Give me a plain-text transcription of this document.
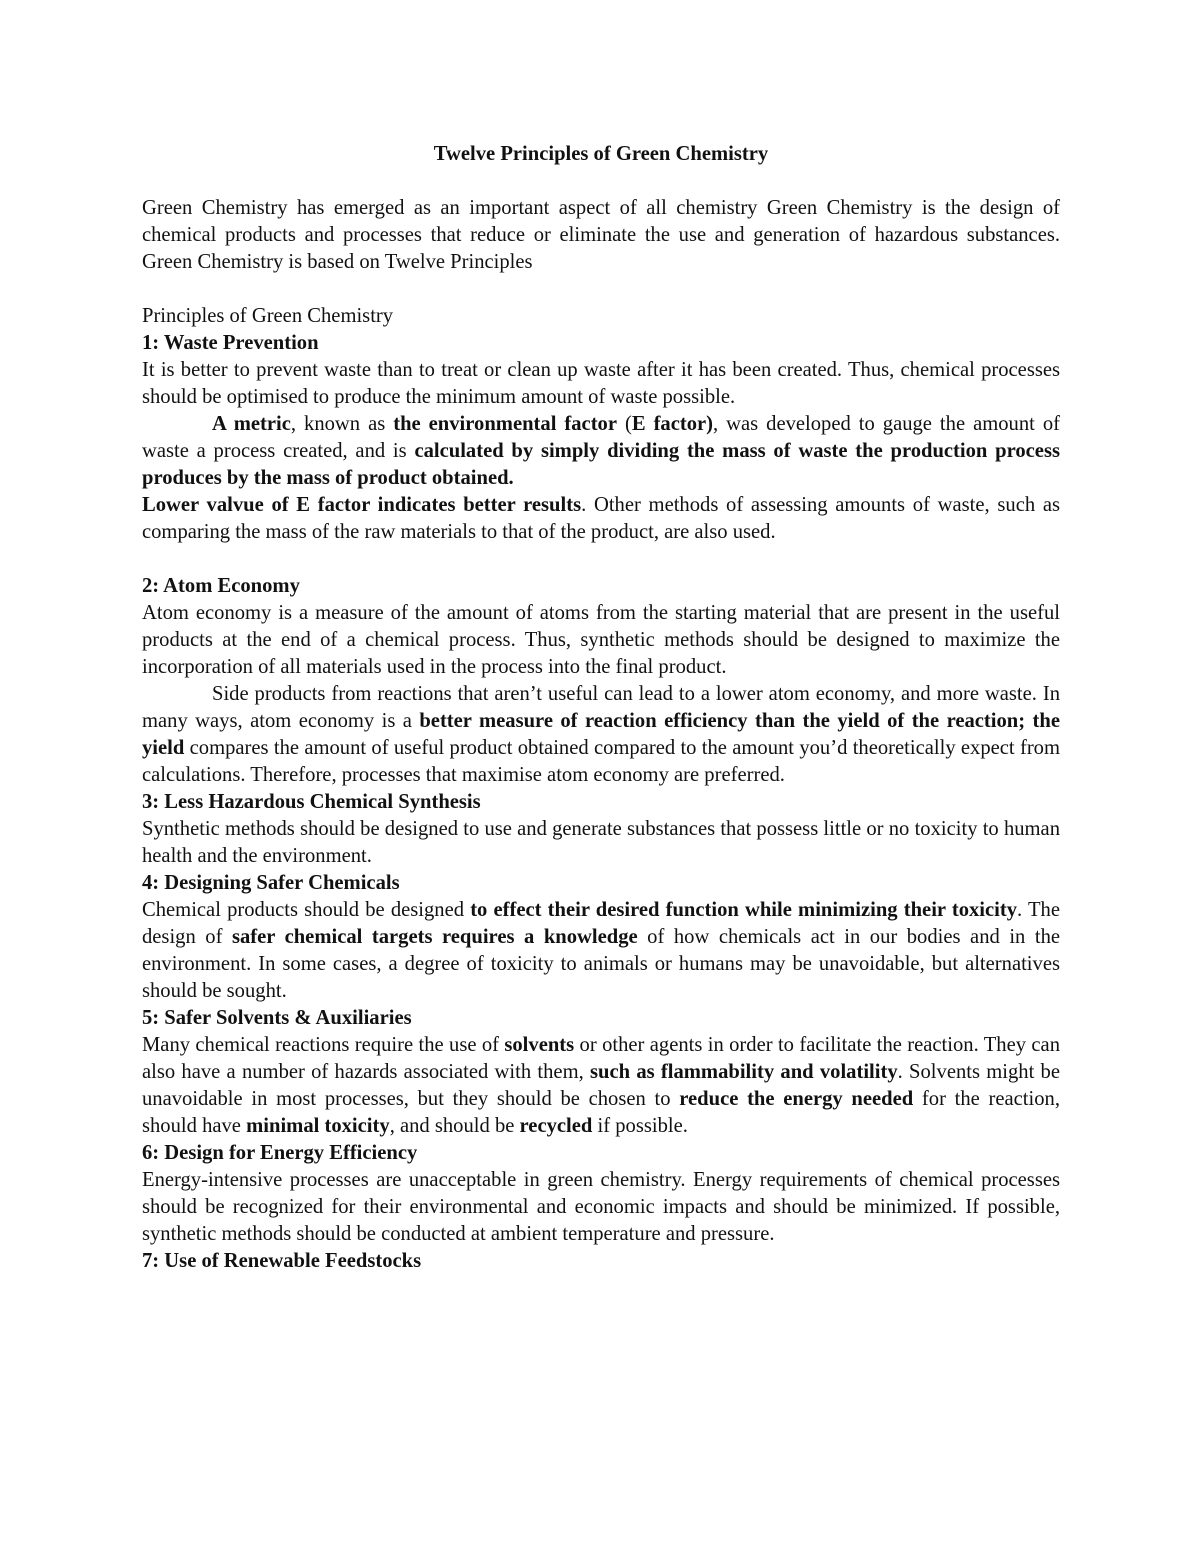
Twelve Principles of Green Chemistry

Green Chemistry has emerged as an important aspect of all chemistry Green Chemistry is the design of chemical products and processes that reduce or eliminate the use and generation of hazardous substances. Green Chemistry is based on Twelve Principles

Principles of Green Chemistry

1: Waste Prevention

It is better to prevent waste than to treat or clean up waste after it has been created. Thus, chemical processes should be optimised to produce the minimum amount of waste possible.

A metric, known as the environmental factor (E factor), was developed to gauge the amount of waste a process created, and is calculated by simply dividing the mass of waste the production process produces by the mass of product obtained.

Lower valvue of E factor indicates better results. Other methods of assessing amounts of waste, such as comparing the mass of the raw materials to that of the product, are also used.

2: Atom Economy

Atom economy is a measure of the amount of atoms from the starting material that are present in the useful products at the end of a chemical process. Thus, synthetic methods should be designed to maximize the incorporation of all materials used in the process into the final product.

Side products from reactions that aren’t useful can lead to a lower atom economy, and more waste. In many ways, atom economy is a better measure of reaction efficiency than the yield of the reaction; the yield compares the amount of useful product obtained compared to the amount you’d theoretically expect from calculations. Therefore, processes that maximise atom economy are preferred.

3: Less Hazardous Chemical Synthesis

Synthetic methods should be designed to use and generate substances that possess little or no toxicity to human health and the environment.

4: Designing Safer Chemicals

Chemical products should be designed to effect their desired function while minimizing their toxicity. The design of safer chemical targets requires a knowledge of how chemicals act in our bodies and in the environment. In some cases, a degree of toxicity to animals or humans may be unavoidable, but alternatives should be sought.

5: Safer Solvents & Auxiliaries

Many chemical reactions require the use of solvents or other agents in order to facilitate the reaction. They can also have a number of hazards associated with them, such as flammability and volatility. Solvents might be unavoidable in most processes, but they should be chosen to reduce the energy needed for the reaction, should have minimal toxicity, and should be recycled if possible.

6: Design for Energy Efficiency

Energy-intensive processes are unacceptable in green chemistry. Energy requirements of chemical processes should be recognized for their environmental and economic impacts and should be minimized. If possible, synthetic methods should be conducted at ambient temperature and pressure.

7: Use of Renewable Feedstocks
